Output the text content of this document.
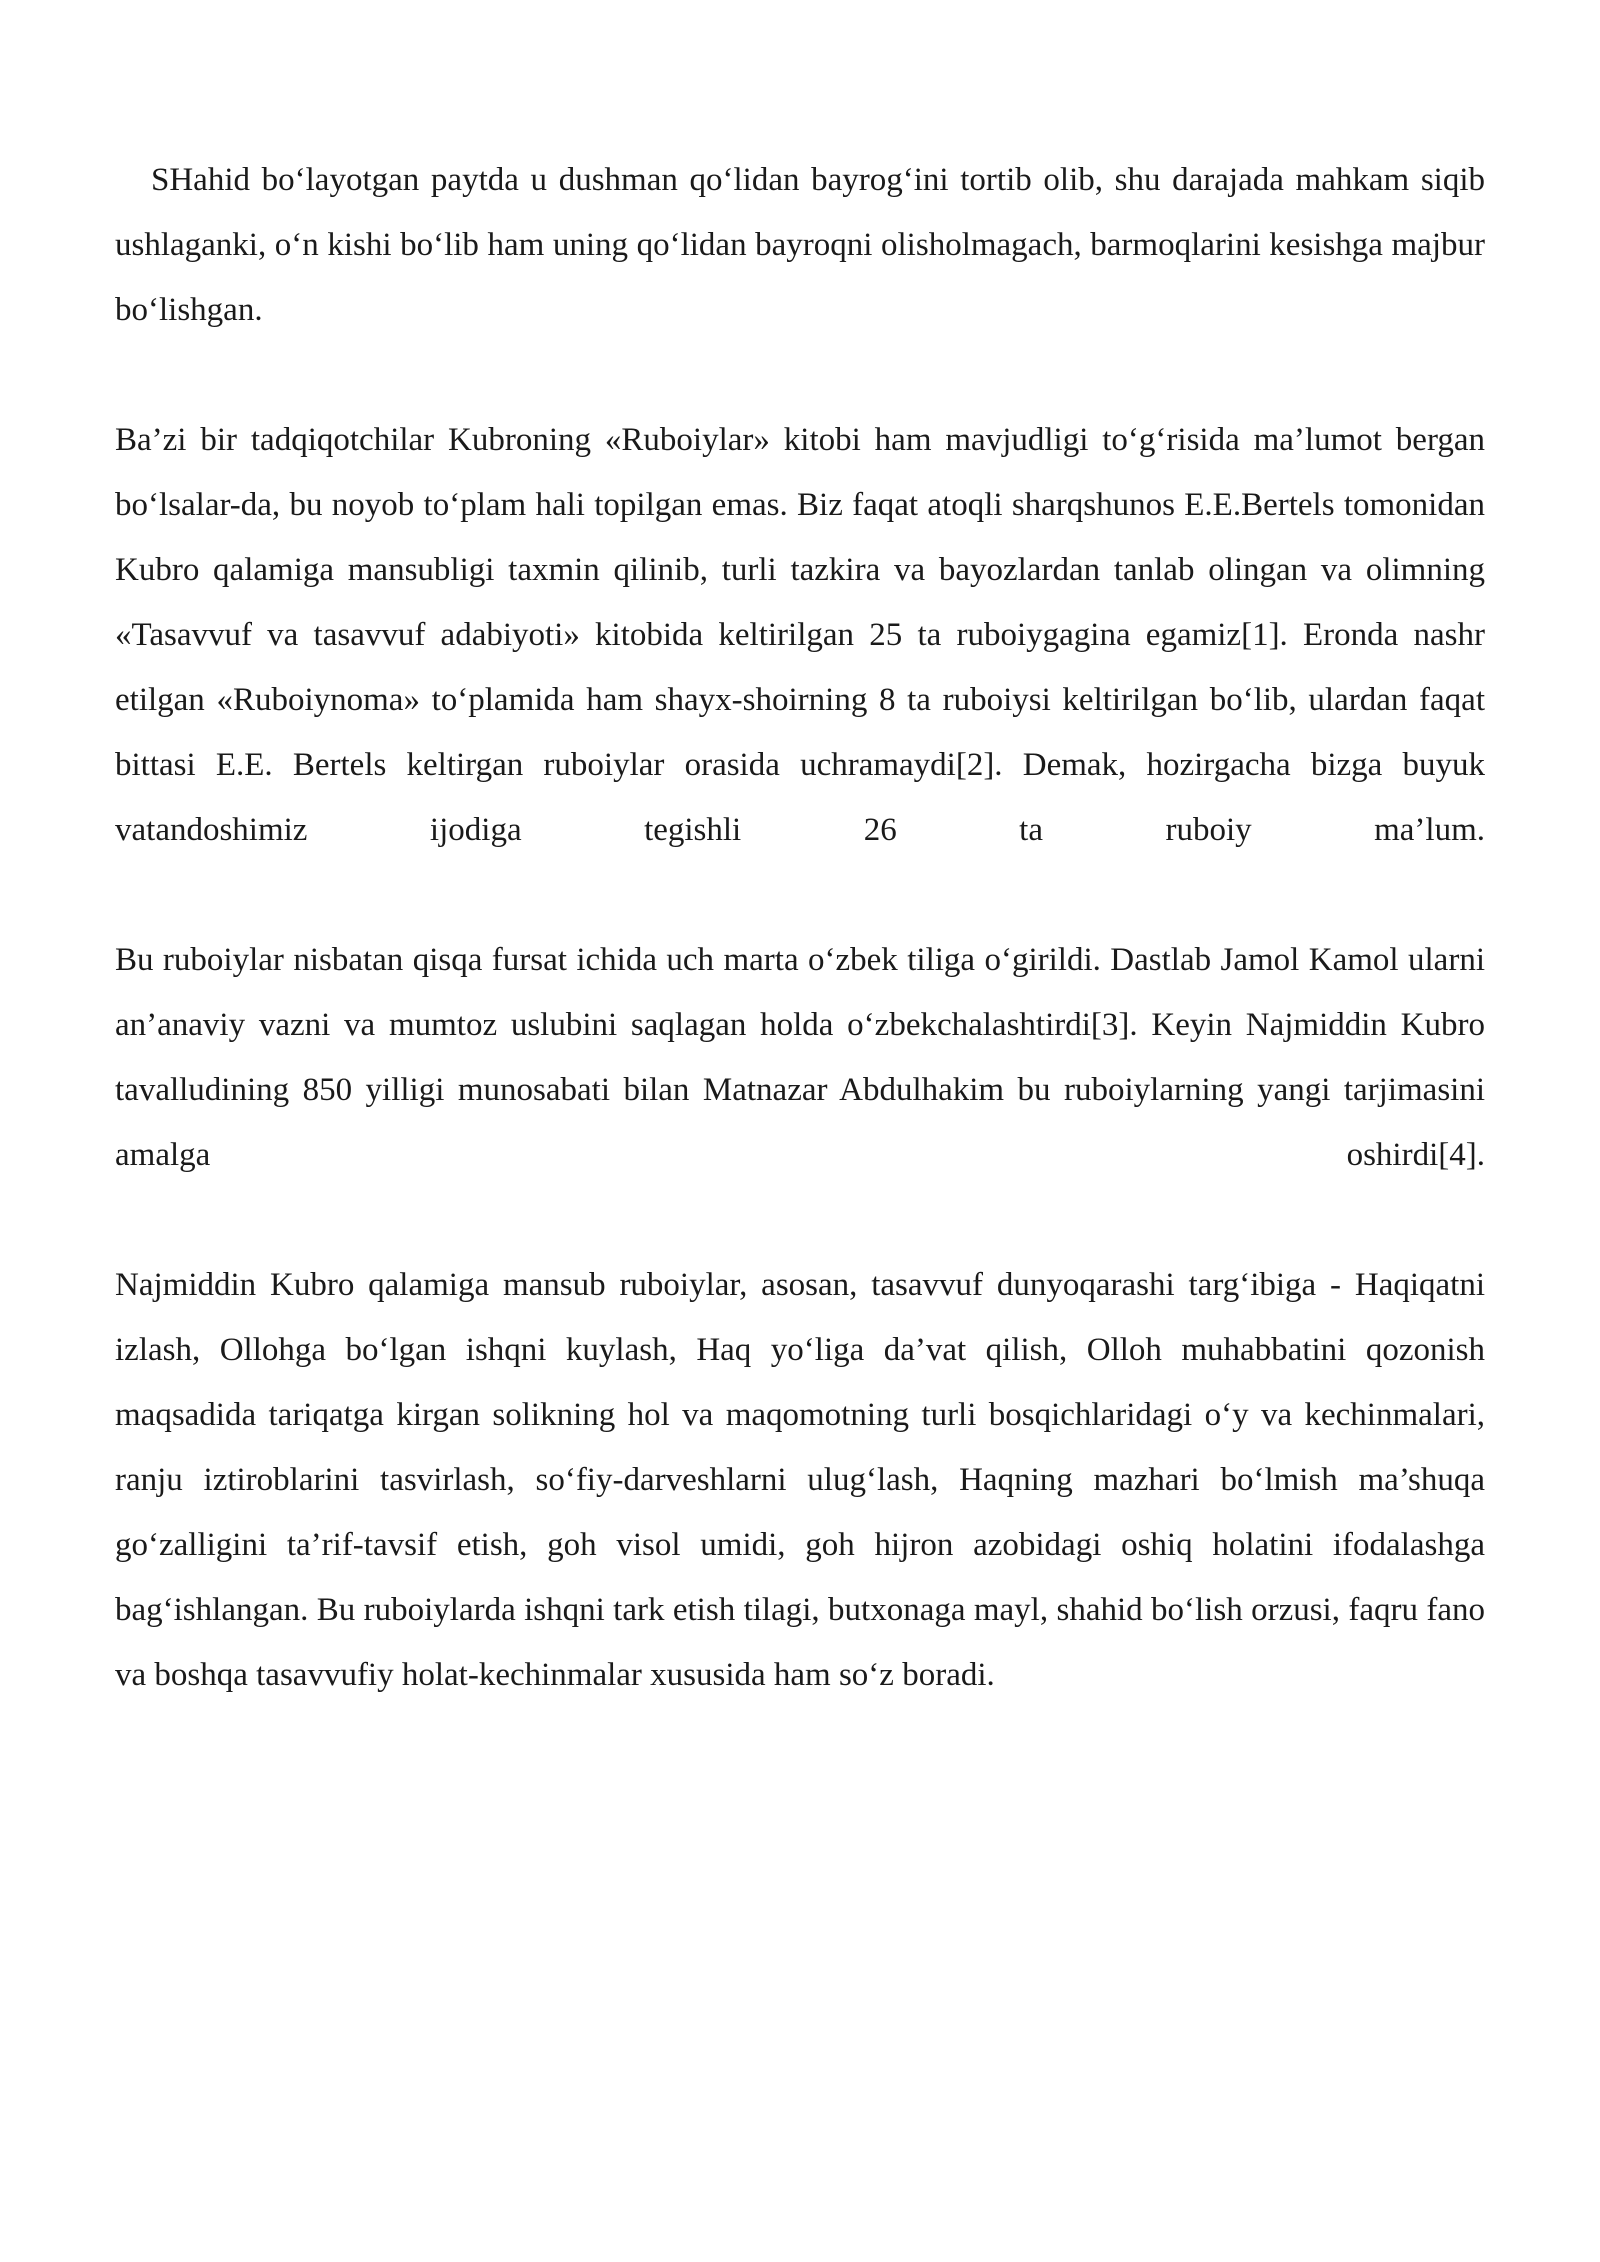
SHahid bo‘layotgan paytda u dushman qo‘lidan bayrog‘ini tortib olib, shu darajada mahkam siqib ushlaganki, o‘n kishi bo‘lib ham uning qo‘lidan bayroqni olisholmagach, barmoqlarini kesishga majbur bo‘lishgan.

Ba’zi bir tadqiqotchilar Kubroning «Ruboiylar» kitobi ham mavjudligi to‘g‘risida ma’lumot bergan bo‘lsalar-da, bu noyob to‘plam hali topilgan emas. Biz faqat atoqli sharqshunos E.E.Bertels tomonidan Kubro qalamiga mansubligi taxmin qilinib, turli tazkira va bayozlardan tanlab olingan va olimning «Tasavvuf va tasavvuf adabiyoti» kitobida keltirilgan 25 ta ruboiygagina egamiz[1]. Eronda nashr etilgan «Ruboiynoma» to‘plamida ham shayx-shoirning 8 ta ruboiysi keltirilgan bo‘lib, ulardan faqat bittasi E.E. Bertels keltirgan ruboiylar orasida uchramaydi[2]. Demak, hozirgacha bizga buyuk vatandoshimiz ijodiga tegishli 26 ta ruboiy ma’lum.

Bu ruboiylar nisbatan qisqa fursat ichida uch marta o‘zbek tiliga o‘girildi. Dastlab Jamol Kamol ularni an’anaviy vazni va mumtoz uslubini saqlagan holda o‘zbekchalashtirdi[3]. Keyin Najmiddin Kubro tavalludining 850 yilligi munosabati bilan Matnazar Abdulhakim bu ruboiylarning yangi tarjimasini amalga oshirdi[4].

Najmiddin Kubro qalamiga mansub ruboiylar, asosan, tasavvuf dunyoqarashi targ‘ibiga - Haqiqatni izlash, Ollohga bo‘lgan ishqni kuylash, Haq yo‘liga da’vat qilish, Olloh muhabbatini qozonish maqsadida tariqatga kirgan solikning hol va maqomotning turli bosqichlaridagi o‘y va kechinmalari, ranju iztiroblarini tasvirlash, so‘fiy-darveshlarni ulug‘lash, Haqning mazhari bo‘lmish ma’shuqa go‘zalligini ta’rif-tavsif etish, goh visol umidi, goh hijron azobidagi oshiq holatini ifodalashga bag‘ishlangan. Bu ruboiylarda ishqni tark etish tilagi, butxonaga mayl, shahid bo‘lish orzusi, faqru fano va boshqa tasavvufiy holat-kechinmalar xususida ham so‘z boradi.
